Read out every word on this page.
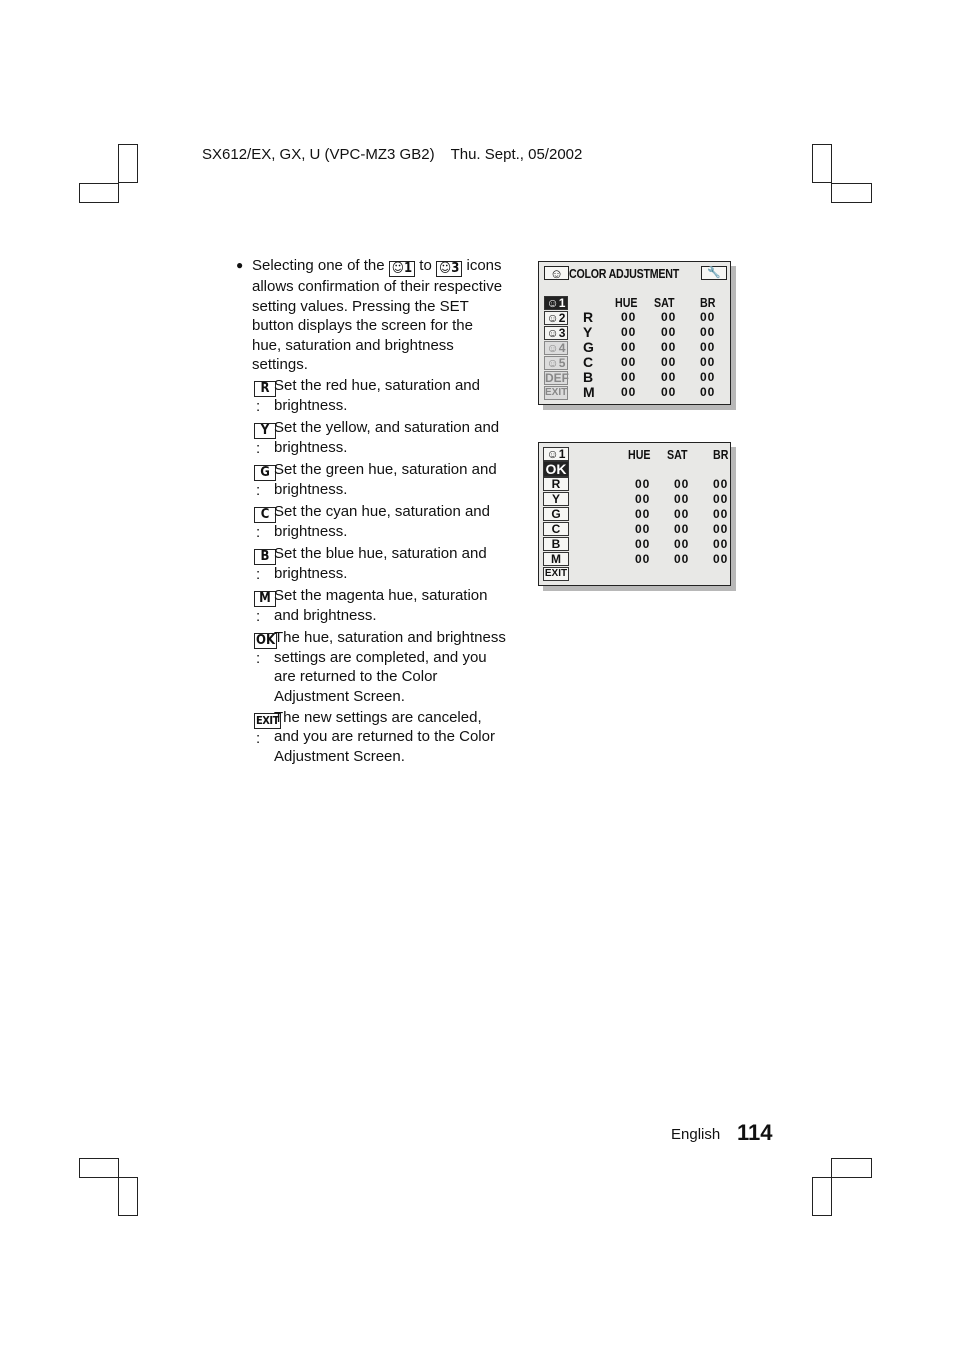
SX612/EX, GX, U (VPC-MZ3 GB2) Thu. Sept., 05/2002
● Selecting one of the ☺1 to ☺3 icons allows confirmation of their respective setting values. Pressing the SET button displays the screen for the hue, saturation and brightness settings.
R:
Set the red hue, saturation and brightness.
Y:
Set the yellow, and saturation and brightness.
G:
Set the green hue, saturation and brightness.
C:
Set the cyan hue, saturation and brightness.
B:
Set the blue hue, saturation and brightness.
M:
Set the magenta hue, saturation and brightness.
OK:
The hue, saturation and brightness settings are completed, and you are returned to the Color Adjustment Screen.
EXIT:
The new settings are canceled, and you are returned to the Color Adjustment Screen.
☺ COLOR ADJUSTMENT	🔧
HUE SAT BR
☺1
☺2
☺3
☺4
☺5
DEF
EXIT
R
Y
G
C
B
M
00 00 00
00 00 00
00 00 00
00 00 00
00 00 00
00 00 00
☺1
OK
HUE SAT BR
R
Y
G
C
B
M
EXIT
00 00 00
00 00 00
00 00 00
00 00 00
00 00 00
00 00 00
English 114
